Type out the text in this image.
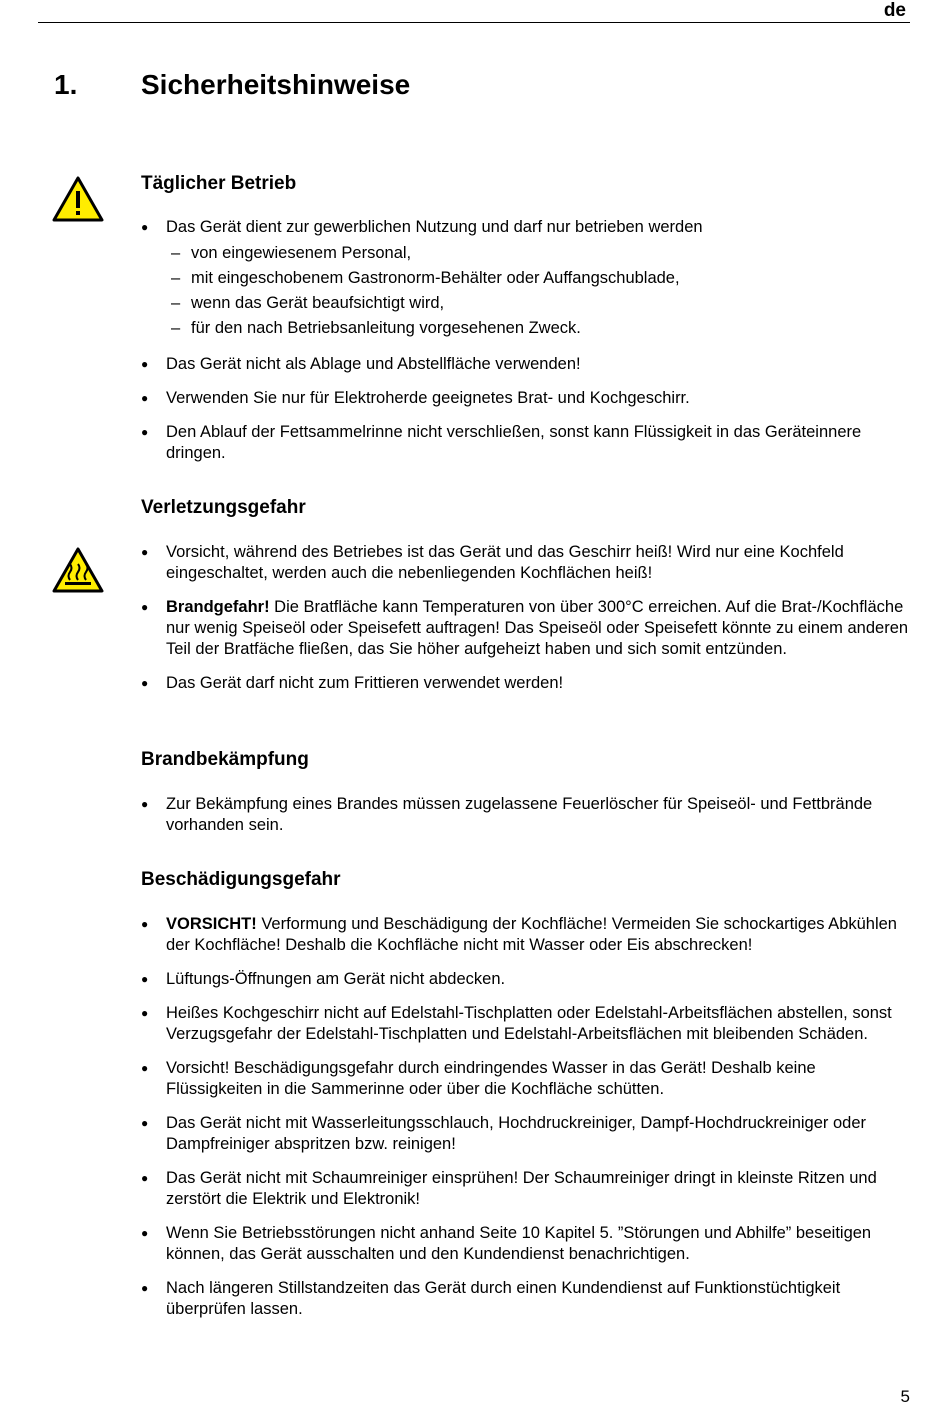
de
1. Sicherheitshinweise
Täglicher Betrieb
● Das Gerät dient zur gewerblichen Nutzung und darf nur betrieben werden
– von eingewiesenem Personal,
– mit eingeschobenem Gastronorm-Behälter oder Auffangschublade,
– wenn das Gerät beaufsichtigt wird,
– für den nach Betriebsanleitung vorgesehenen Zweck.
● Das Gerät nicht als Ablage und Abstellfläche verwenden!
● Verwenden Sie nur für Elektroherde geeignetes Brat- und Kochgeschirr.
● Den Ablauf der Fettsammelrinne nicht verschließen, sonst kann Flüssigkeit in das Geräteinnere dringen.
Verletzungsgefahr
● Vorsicht, während des Betriebes ist das Gerät und das Geschirr heiß! Wird nur eine Kochfeld eingeschaltet, werden auch die nebenliegenden Kochflächen heiß!
● Brandgefahr! Die Bratfläche kann Temperaturen von über 300°C erreichen. Auf die Brat-/Kochfläche nur wenig Speiseöl oder Speisefett auftragen! Das Speiseöl oder Speisefett könnte zu einem anderen Teil der Bratfäche fließen, das Sie höher aufgeheizt haben und sich somit entzünden.
● Das Gerät darf nicht zum Frittieren verwendet werden!
Brandbekämpfung
● Zur Bekämpfung eines Brandes müssen zugelassene Feuerlöscher für Speiseöl- und Fettbrände vorhanden sein.
Beschädigungsgefahr
● VORSICHT! Verformung und Beschädigung der Kochfläche! Vermeiden Sie schockartiges Abkühlen der Kochfläche! Deshalb die Kochfläche nicht mit Wasser oder Eis abschrecken!
● Lüftungs-Öffnungen am Gerät nicht abdecken.
● Heißes Kochgeschirr nicht auf Edelstahl-Tischplatten oder Edelstahl-Arbeitsflächen abstellen, sonst Verzugsgefahr der Edelstahl-Tischplatten und Edelstahl-Arbeitsflächen mit bleibenden Schäden.
● Vorsicht! Beschädigungsgefahr durch eindringendes Wasser in das Gerät! Deshalb keine Flüssigkeiten in die Sammerinne oder über die Kochfläche schütten.
● Das Gerät nicht mit Wasserleitungsschlauch, Hochdruckreiniger, Dampf-Hochdruckreiniger oder Dampfreiniger abspritzen bzw. reinigen!
● Das Gerät nicht mit Schaumreiniger einsprühen! Der Schaumreiniger dringt in kleinste Ritzen und zerstört die Elektrik und Elektronik!
● Wenn Sie Betriebsstörungen nicht anhand Seite 10 Kapitel 5. ”Störungen und Abhilfe” beseitigen können, das Gerät ausschalten und den Kundendienst benachrichtigen.
● Nach längeren Stillstandzeiten das Gerät durch einen Kundendienst auf Funktionstüchtigkeit überprüfen lassen.
5
